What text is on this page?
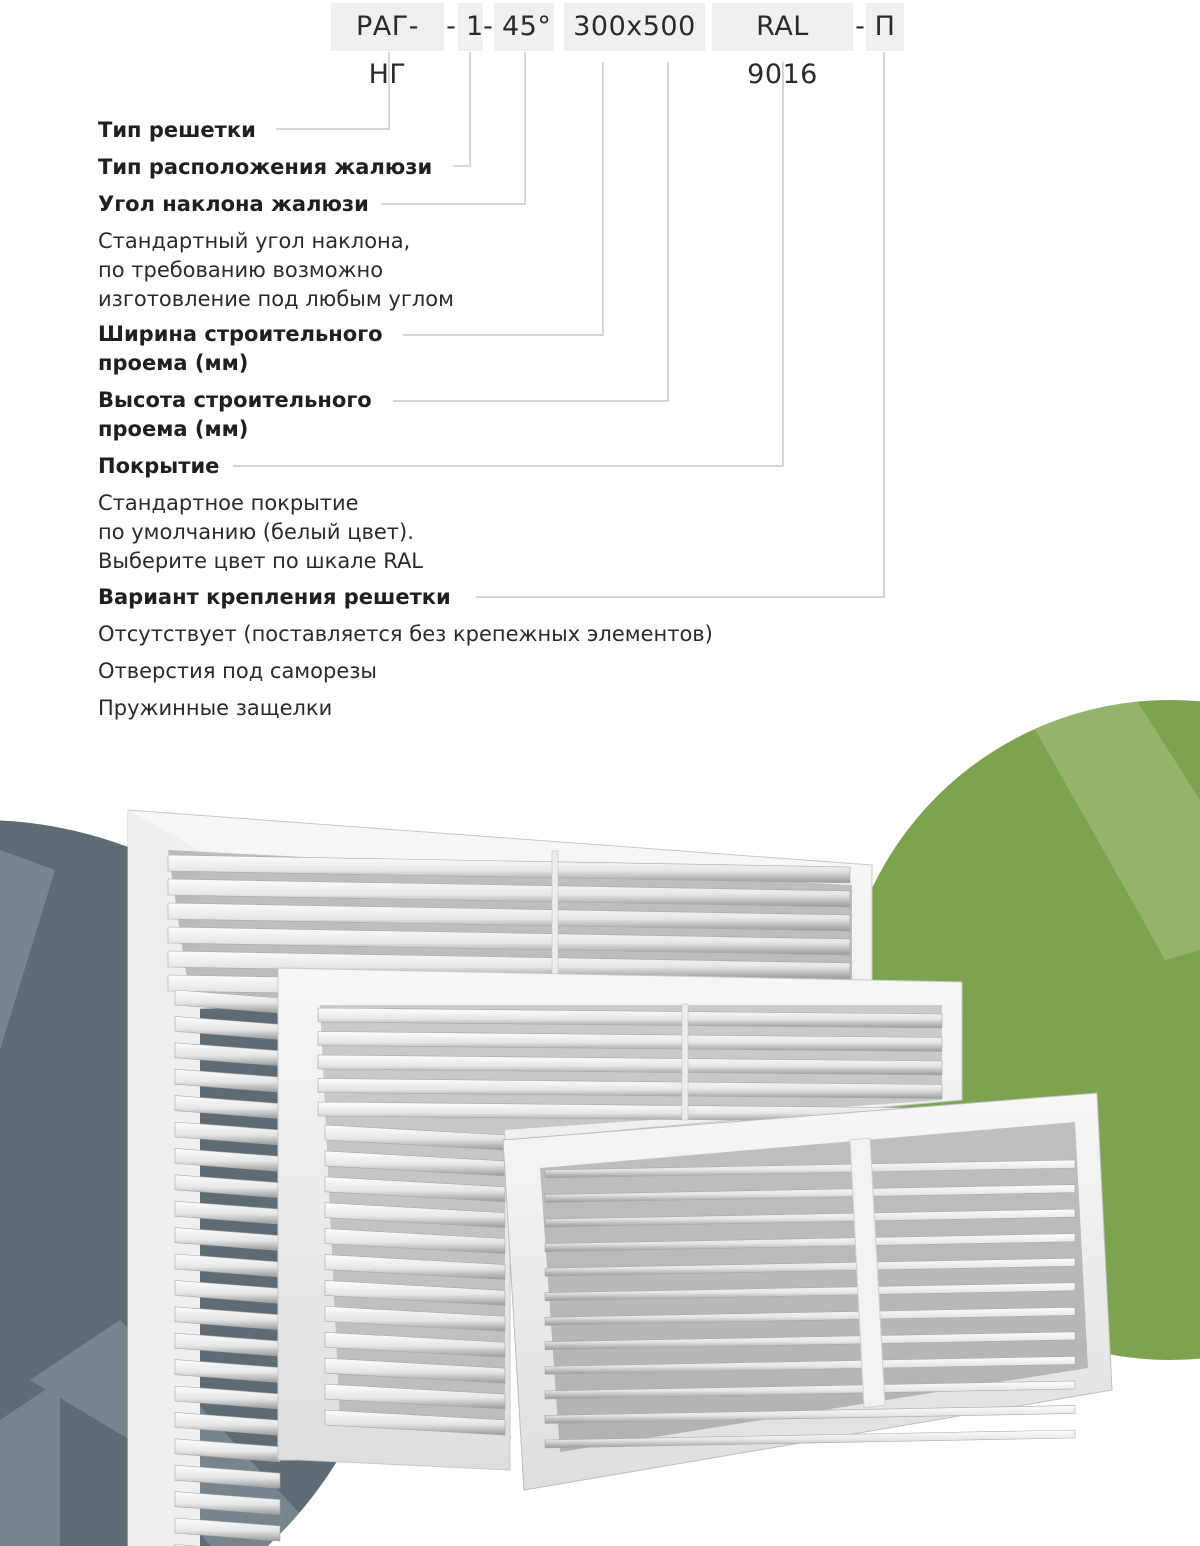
РАГ-НГ
- 1 - 45° 300x500	RAL 9016
- П
Тип решетки
Тип расположения жалюзи
Угол наклона жалюзи
Стандартный угол наклона,
по требованию возможно
изготовление под любым углом
Ширина строительного
проема (мм)
Высота строительного
проема (мм)
Покрытие
Стандартное покрытие
по умолчанию (белый цвет).
Выберите цвет по шкале RAL
Вариант крепления решетки
Отсутствует (поставляется без крепежных элементов)
Отверстия под саморезы
Пружинные защелки
